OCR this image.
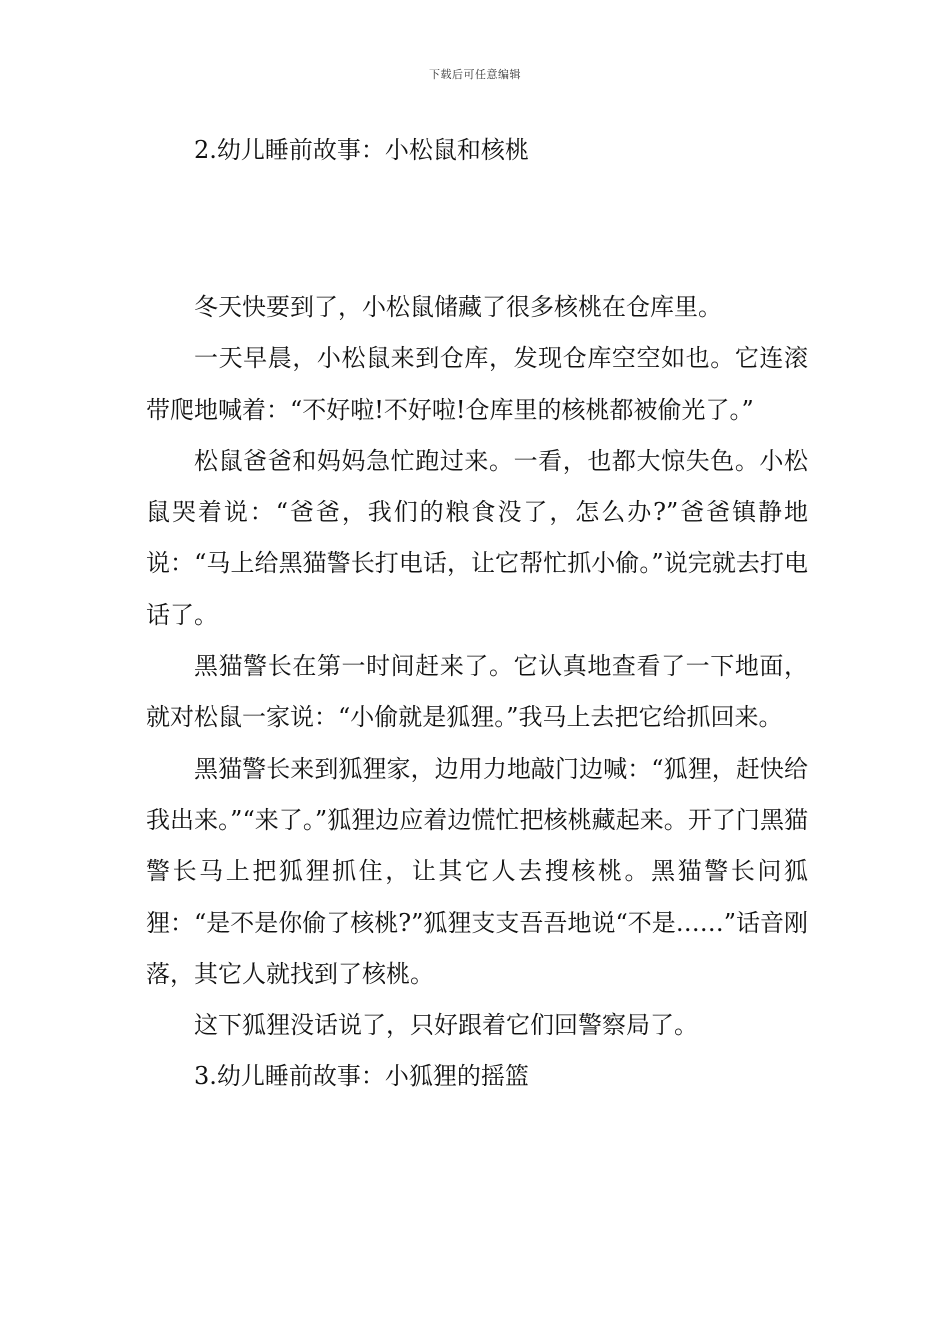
下载后可任意编辑
2.幼儿睡前故事：小松鼠和核桃

冬天快要到了，小松鼠储藏了很多核桃在仓库里。

一天早晨，小松鼠来到仓库，发现仓库空空如也。它连滚带爬地喊着：“不好啦!不好啦!仓库里的核桃都被偷光了。”

松鼠爸爸和妈妈急忙跑过来。一看，也都大惊失色。小松鼠哭着说：“爸爸，我们的粮食没了，怎么办?”爸爸镇静地说：“马上给黑猫警长打电话，让它帮忙抓小偷。”说完就去打电话了。

黑猫警长在第一时间赶来了。它认真地查看了一下地面，就对松鼠一家说：“小偷就是狐狸。”我马上去把它给抓回来。

黑猫警长来到狐狸家，边用力地敲门边喊：“狐狸，赶快给我出来。”“来了。”狐狸边应着边慌忙把核桃藏起来。开了门黑猫警长马上把狐狸抓住，让其它人去搜核桃。黑猫警长问狐狸：“是不是你偷了核桃?”狐狸支支吾吾地说“不是……”话音刚落，其它人就找到了核桃。

这下狐狸没话说了，只好跟着它们回警察局了。

3.幼儿睡前故事：小狐狸的摇篮
